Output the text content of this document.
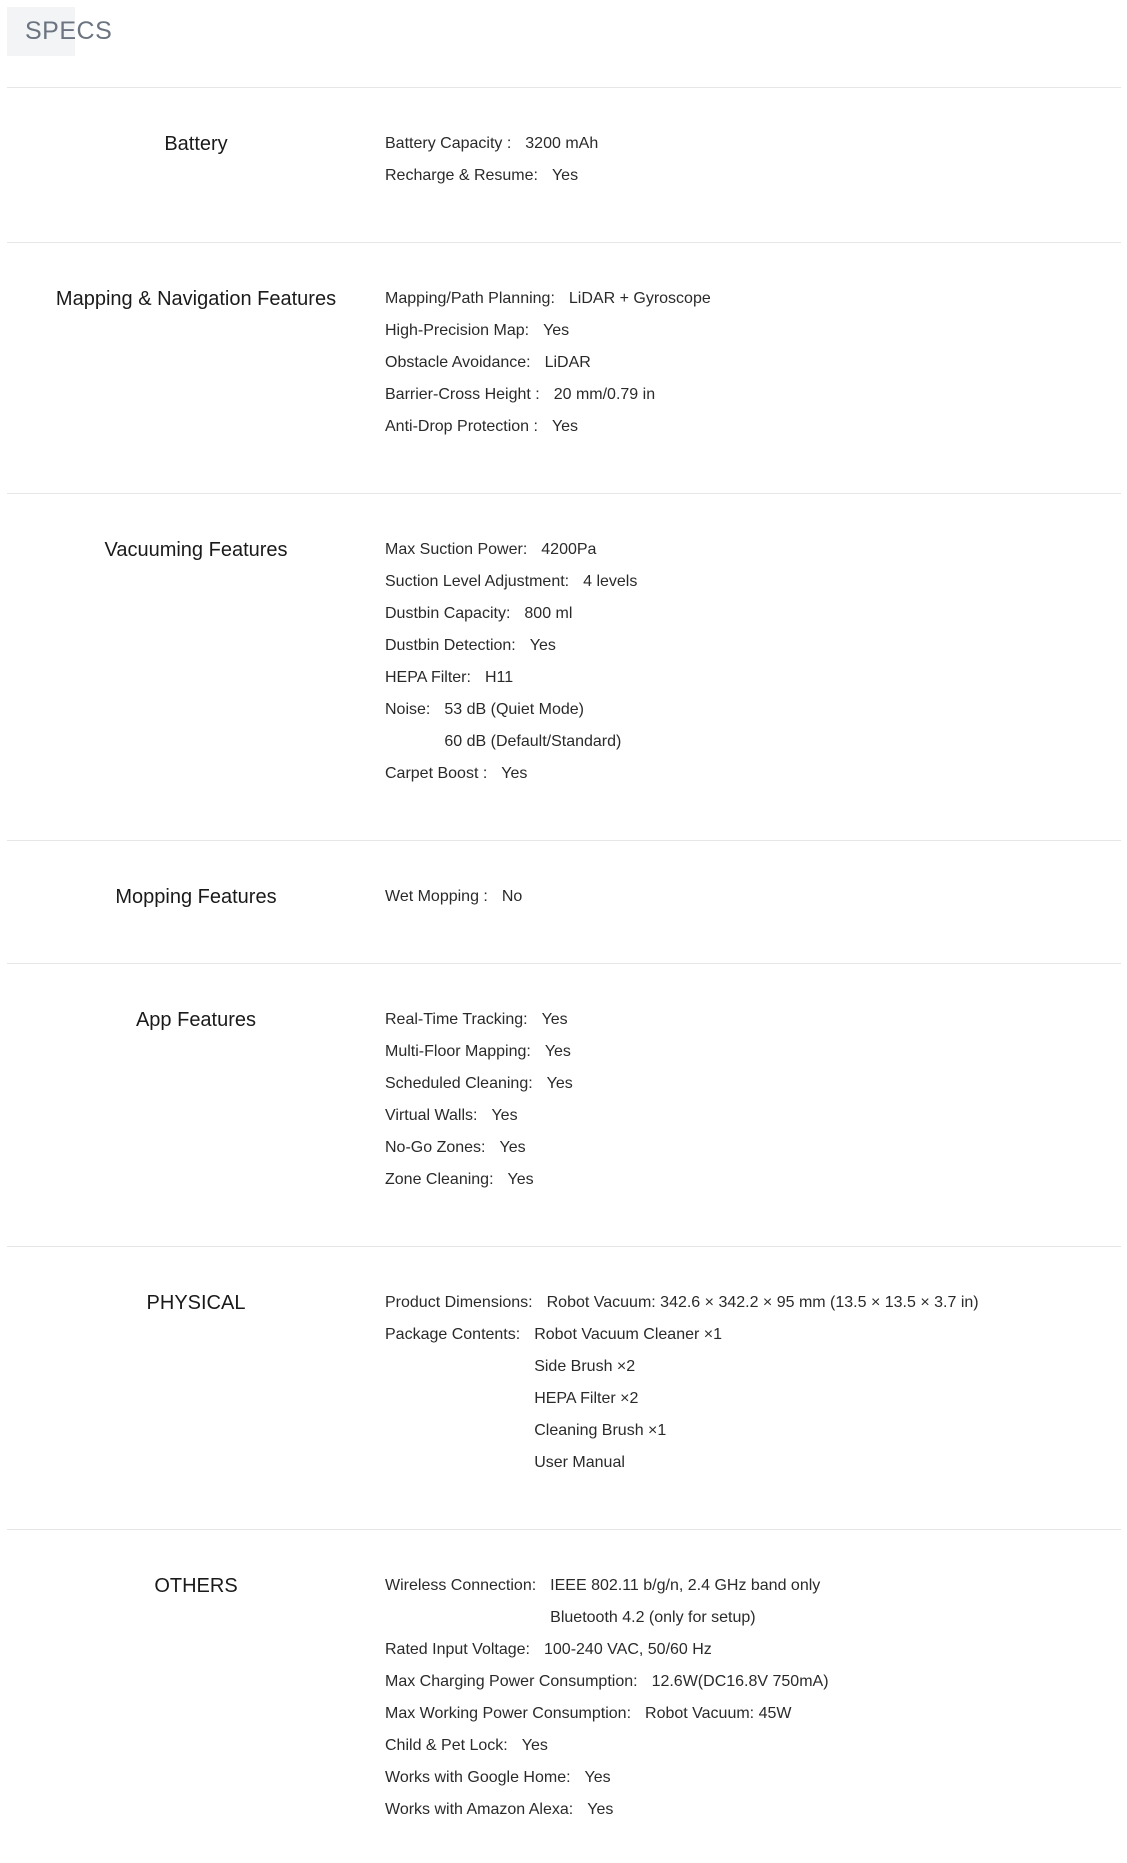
SPECS
Battery	Battery Capacity : 3200 mAh
Recharge & Resume: Yes
Mapping & Navigation Features	Mapping/Path Planning: LiDAR + Gyroscope
High-Precision Map: Yes
Obstacle Avoidance: LiDAR
Barrier-Cross Height : 20 mm/0.79 in
Anti-Drop Protection : Yes
Vacuuming Features	Max Suction Power: 4200Pa
Suction Level Adjustment: 4 levels
Dustbin Capacity: 800 ml
Dustbin Detection: Yes
HEPA Filter: H11
Noise: 53 dB (Quiet Mode)
60 dB (Default/Standard)
Carpet Boost : Yes
Mopping Features	Wet Mopping : No
App Features	Real-Time Tracking: Yes
Multi-Floor Mapping: Yes
Scheduled Cleaning: Yes
Virtual Walls: Yes
No-Go Zones: Yes
Zone Cleaning: Yes
PHYSICAL	Product Dimensions: Robot Vacuum: 342.6 × 342.2 × 95 mm (13.5 × 13.5 × 3.7 in)
Package Contents: Robot Vacuum Cleaner ×1
Side Brush ×2
HEPA Filter ×2
Cleaning Brush ×1
User Manual
OTHERS	Wireless Connection: IEEE 802.11 b/g/n, 2.4 GHz band only
Bluetooth 4.2 (only for setup)
Rated Input Voltage: 100-240 VAC, 50/60 Hz
Max Charging Power Consumption: 12.6W(DC16.8V 750mA)
Max Working Power Consumption: Robot Vacuum: 45W
Child & Pet Lock: Yes
Works with Google Home: Yes
Works with Amazon Alexa: Yes
